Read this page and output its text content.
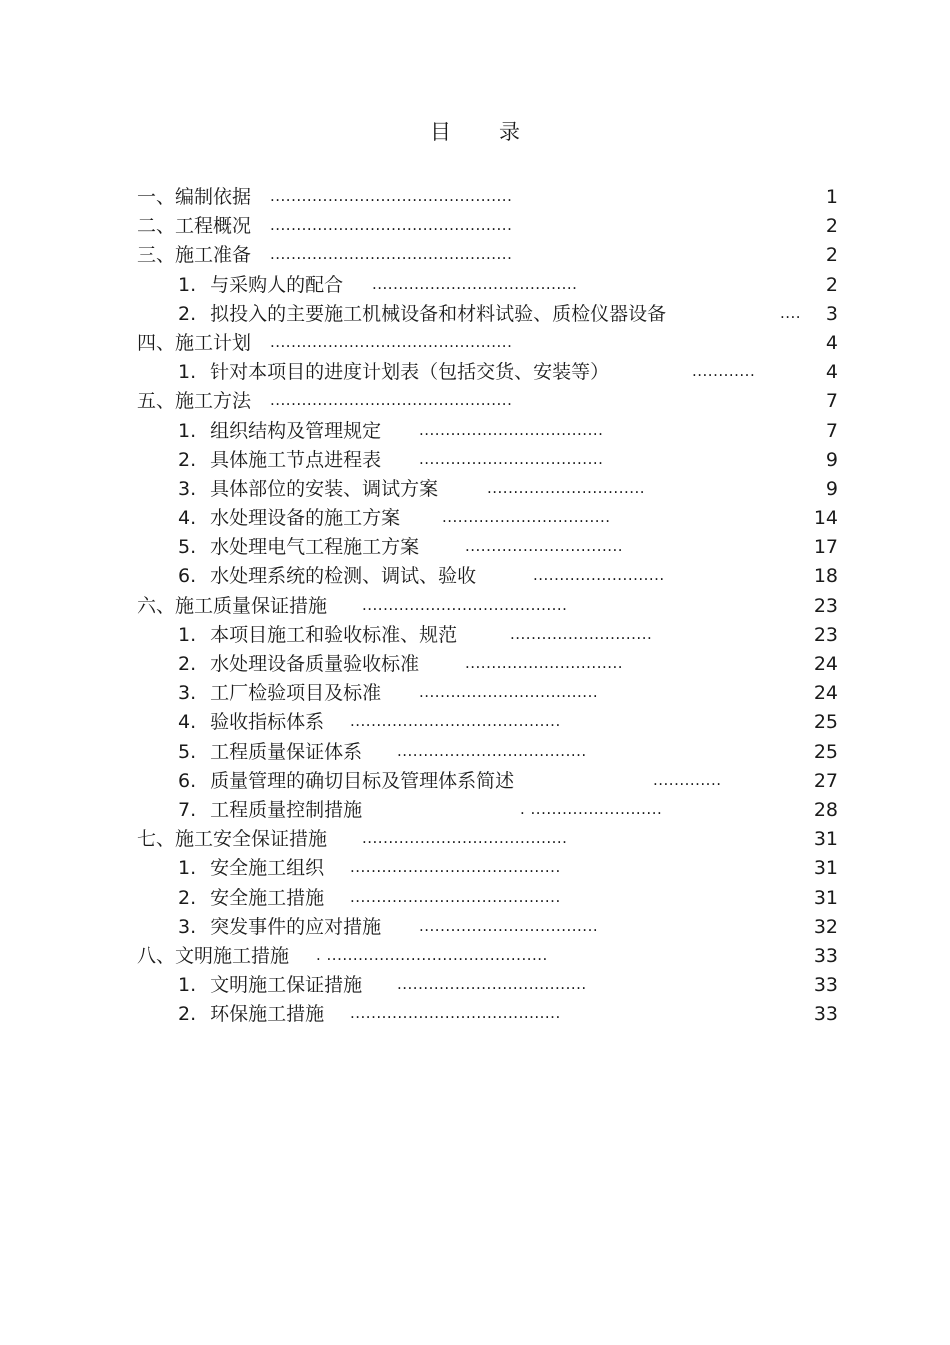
目 录
一、编制依据 ..............................................	1
二、工程概况 ..............................................	2
三、施工准备 ..............................................	2
1. 与采购人的配合 .......................................	2
2. 拟投入的主要施工机械设备和材料试验、质检仪器设备	.... 3
四、施工计划 ..............................................	4
1. 针对本项目的进度计划表（包括交货、安装等）	............	4
五、施工方法 ..............................................	7
1. 组织结构及管理规定	...................................	7
2. 具体施工节点进程表	...................................	9
3. 具体部位的安装、调试方案	..............................	9
4. 水处理设备的施工方案	................................	14
5. 水处理电气工程施工方案	..............................	17
6. 水处理系统的检测、调试、验收	.........................	18
六、施工质量保证措施 .......................................	23
1. 本项目施工和验收标准、规范	...........................	23
2. 水处理设备质量验收标准	..............................	24
3. 工厂检验项目及标准	..................................	24
4. 验收指标体系 ........................................	25
5. 工程质量保证体系 ....................................	25
6. 质量管理的确切目标及管理体系简述	.............	27
7. 工程质量控制措施	. .........................	28
七、施工安全保证措施 .......................................	31
1. 安全施工组织 ........................................	31
2. 安全施工措施 ........................................	31
3. 突发事件的应对措施	..................................	32
八、文明施工措施 . ..........................................	33
1. 文明施工保证措施 ....................................	33
2. 环保施工措施 ........................................	33
